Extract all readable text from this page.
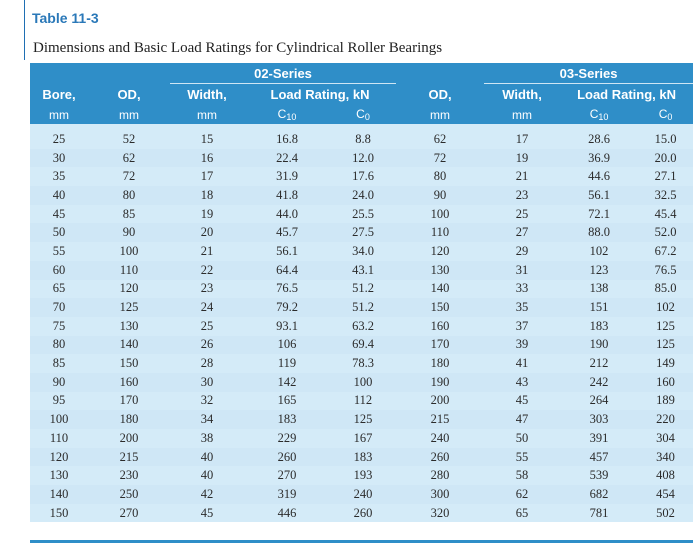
Table 11-3
Dimensions and Basic Load Ratings for Cylindrical Roller Bearings
		02-Series				03-Series		
Bore,	OD,	Width,	Load Rating, kN		OD,	Width,	Load Rating, kN	
mm	mm	mm	$C_{10}$	$C_0$	mm	mm	$C_{10}$	$C_0$
25	52	15	16.8	8.8	62	17	28.6	15.0
30	62	16	22.4	12.0	72	19	36.9	20.0
35	72	17	31.9	17.6	80	21	44.6	27.1
40	80	18	41.8	24.0	90	23	56.1	32.5
45	85	19	44.0	25.5	100	25	72.1	45.4
50	90	20	45.7	27.5	110	27	88.0	52.0
55	100	21	56.1	34.0	120	29	102	67.2
60	110	22	64.4	43.1	130	31	123	76.5
65	120	23	76.5	51.2	140	33	138	85.0
70	125	24	79.2	51.2	150	35	151	102
75	130	25	93.1	63.2	160	37	183	125
80	140	26	106	69.4	170	39	190	125
85	150	28	119	78.3	180	41	212	149
90	160	30	142	100	190	43	242	160
95	170	32	165	112	200	45	264	189
100	180	34	183	125	215	47	303	220
110	200	38	229	167	240	50	391	304
120	215	40	260	183	260	55	457	340
130	230	40	270	193	280	58	539	408
140	250	42	319	240	300	62	682	454
150	270	45	446	260	320	65	781	502
